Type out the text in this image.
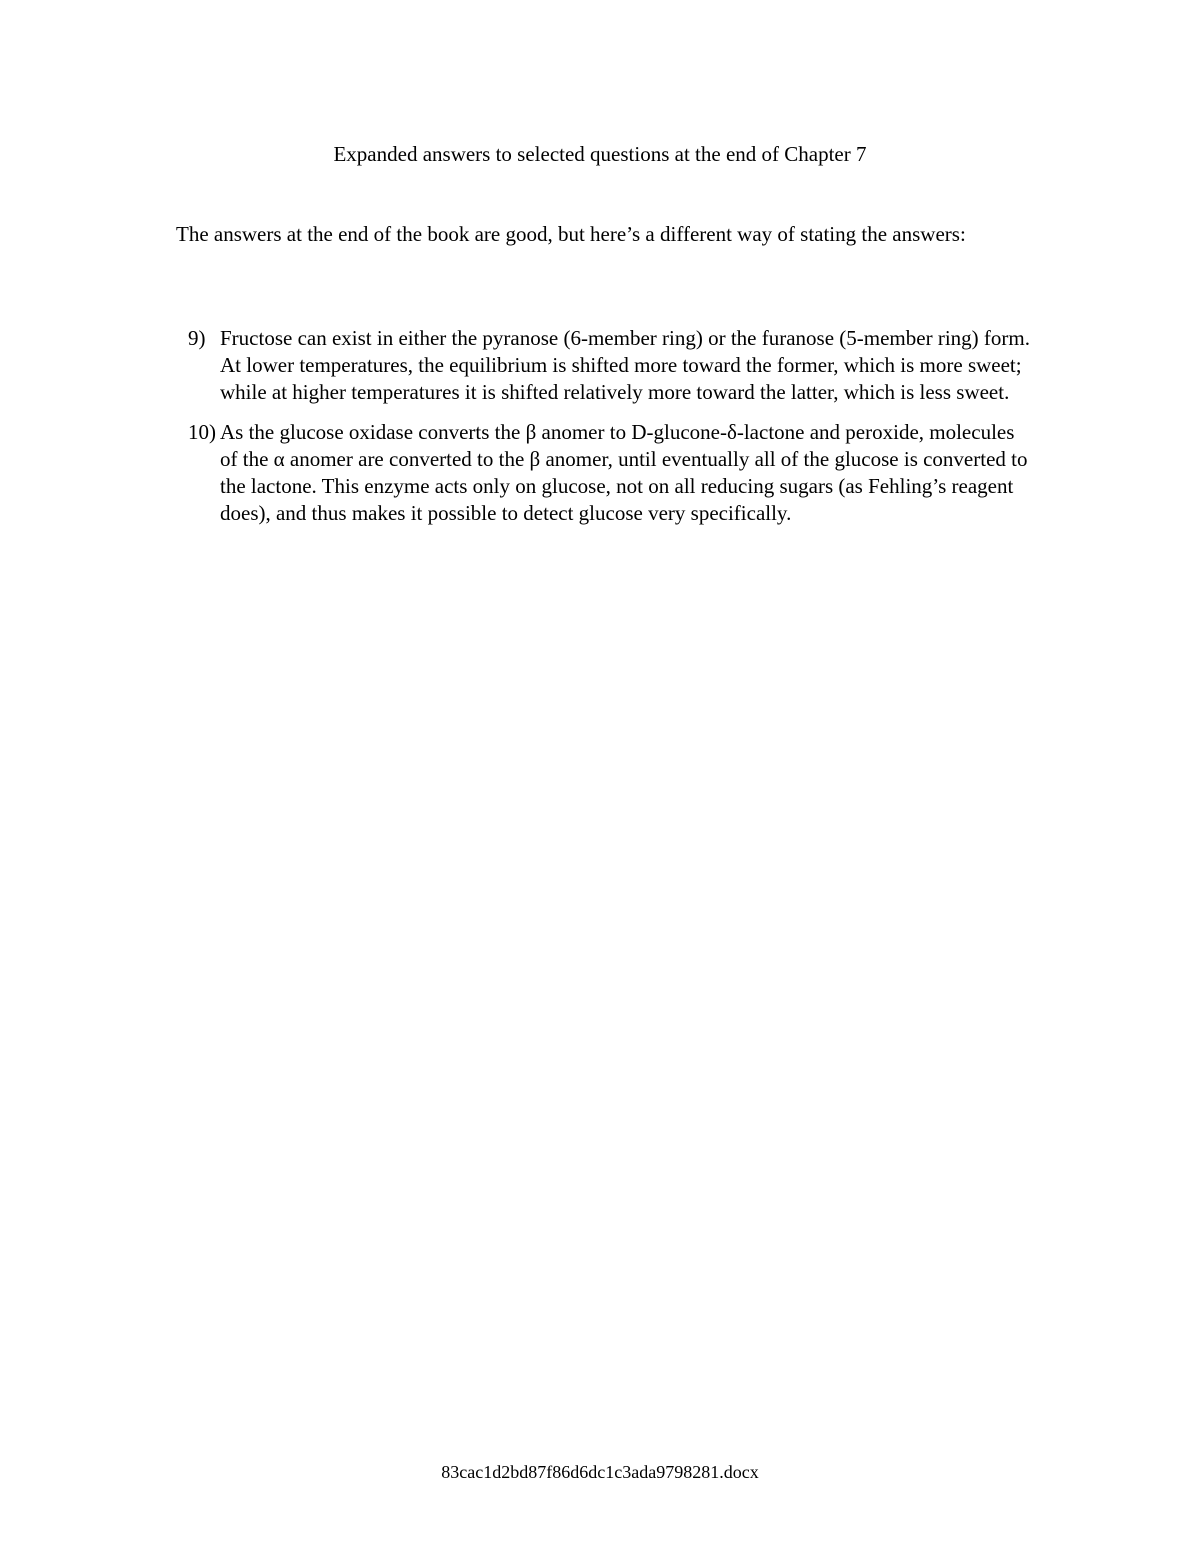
Expanded answers to selected questions at the end of Chapter 7
The answers at the end of the book are good, but here’s a different way of stating the answers:
9) Fructose can exist in either the pyranose (6-member ring) or the furanose (5-member ring) form. At lower temperatures, the equilibrium is shifted more toward the former, which is more sweet; while at higher temperatures it is shifted relatively more toward the latter, which is less sweet.
10) As the glucose oxidase converts the β anomer to D-glucone-δ-lactone and peroxide, molecules of the α anomer are converted to the β anomer, until eventually all of the glucose is converted to the lactone. This enzyme acts only on glucose, not on all reducing sugars (as Fehling’s reagent does), and thus makes it possible to detect glucose very specifically.
83cac1d2bd87f86d6dc1c3ada9798281.docx
